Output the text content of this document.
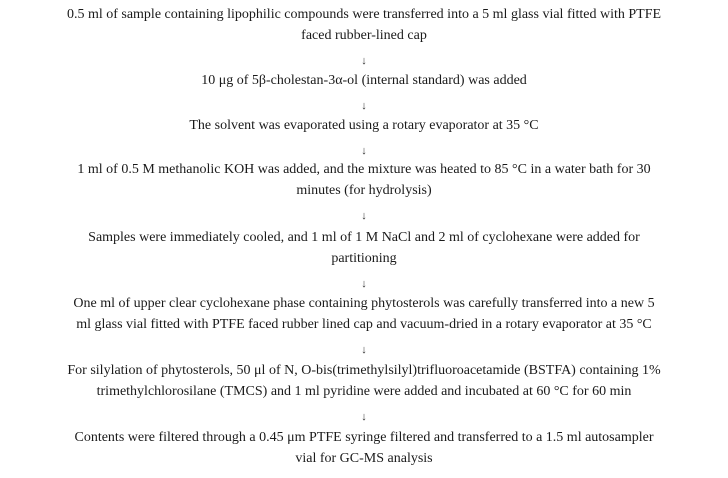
0.5 ml of sample containing lipophilic compounds were transferred into a 5 ml glass vial fitted with PTFE
faced rubber-lined cap
↓
10 μg of 5β-cholestan-3α-ol (internal standard) was added
↓
The solvent was evaporated using a rotary evaporator at 35 °C
↓
1 ml of 0.5 M methanolic KOH was added, and the mixture was heated to 85 °C in a water bath for 30
minutes (for hydrolysis)
↓
Samples were immediately cooled, and 1 ml of 1 M NaCl and 2 ml of cyclohexane were added for
partitioning
↓
One ml of upper clear cyclohexane phase containing phytosterols was carefully transferred into a new 5
ml glass vial fitted with PTFE faced rubber lined cap and vacuum-dried in a rotary evaporator at 35 °C
↓
For silylation of phytosterols, 50 μl of N, O-bis(trimethylsilyl)trifluoroacetamide (BSTFA) containing 1%
trimethylchlorosilane (TMCS) and 1 ml pyridine were added and incubated at 60 °C for 60 min
↓
Contents were filtered through a 0.45 μm PTFE syringe filtered and transferred to a 1.5 ml autosampler
vial for GC-MS analysis
